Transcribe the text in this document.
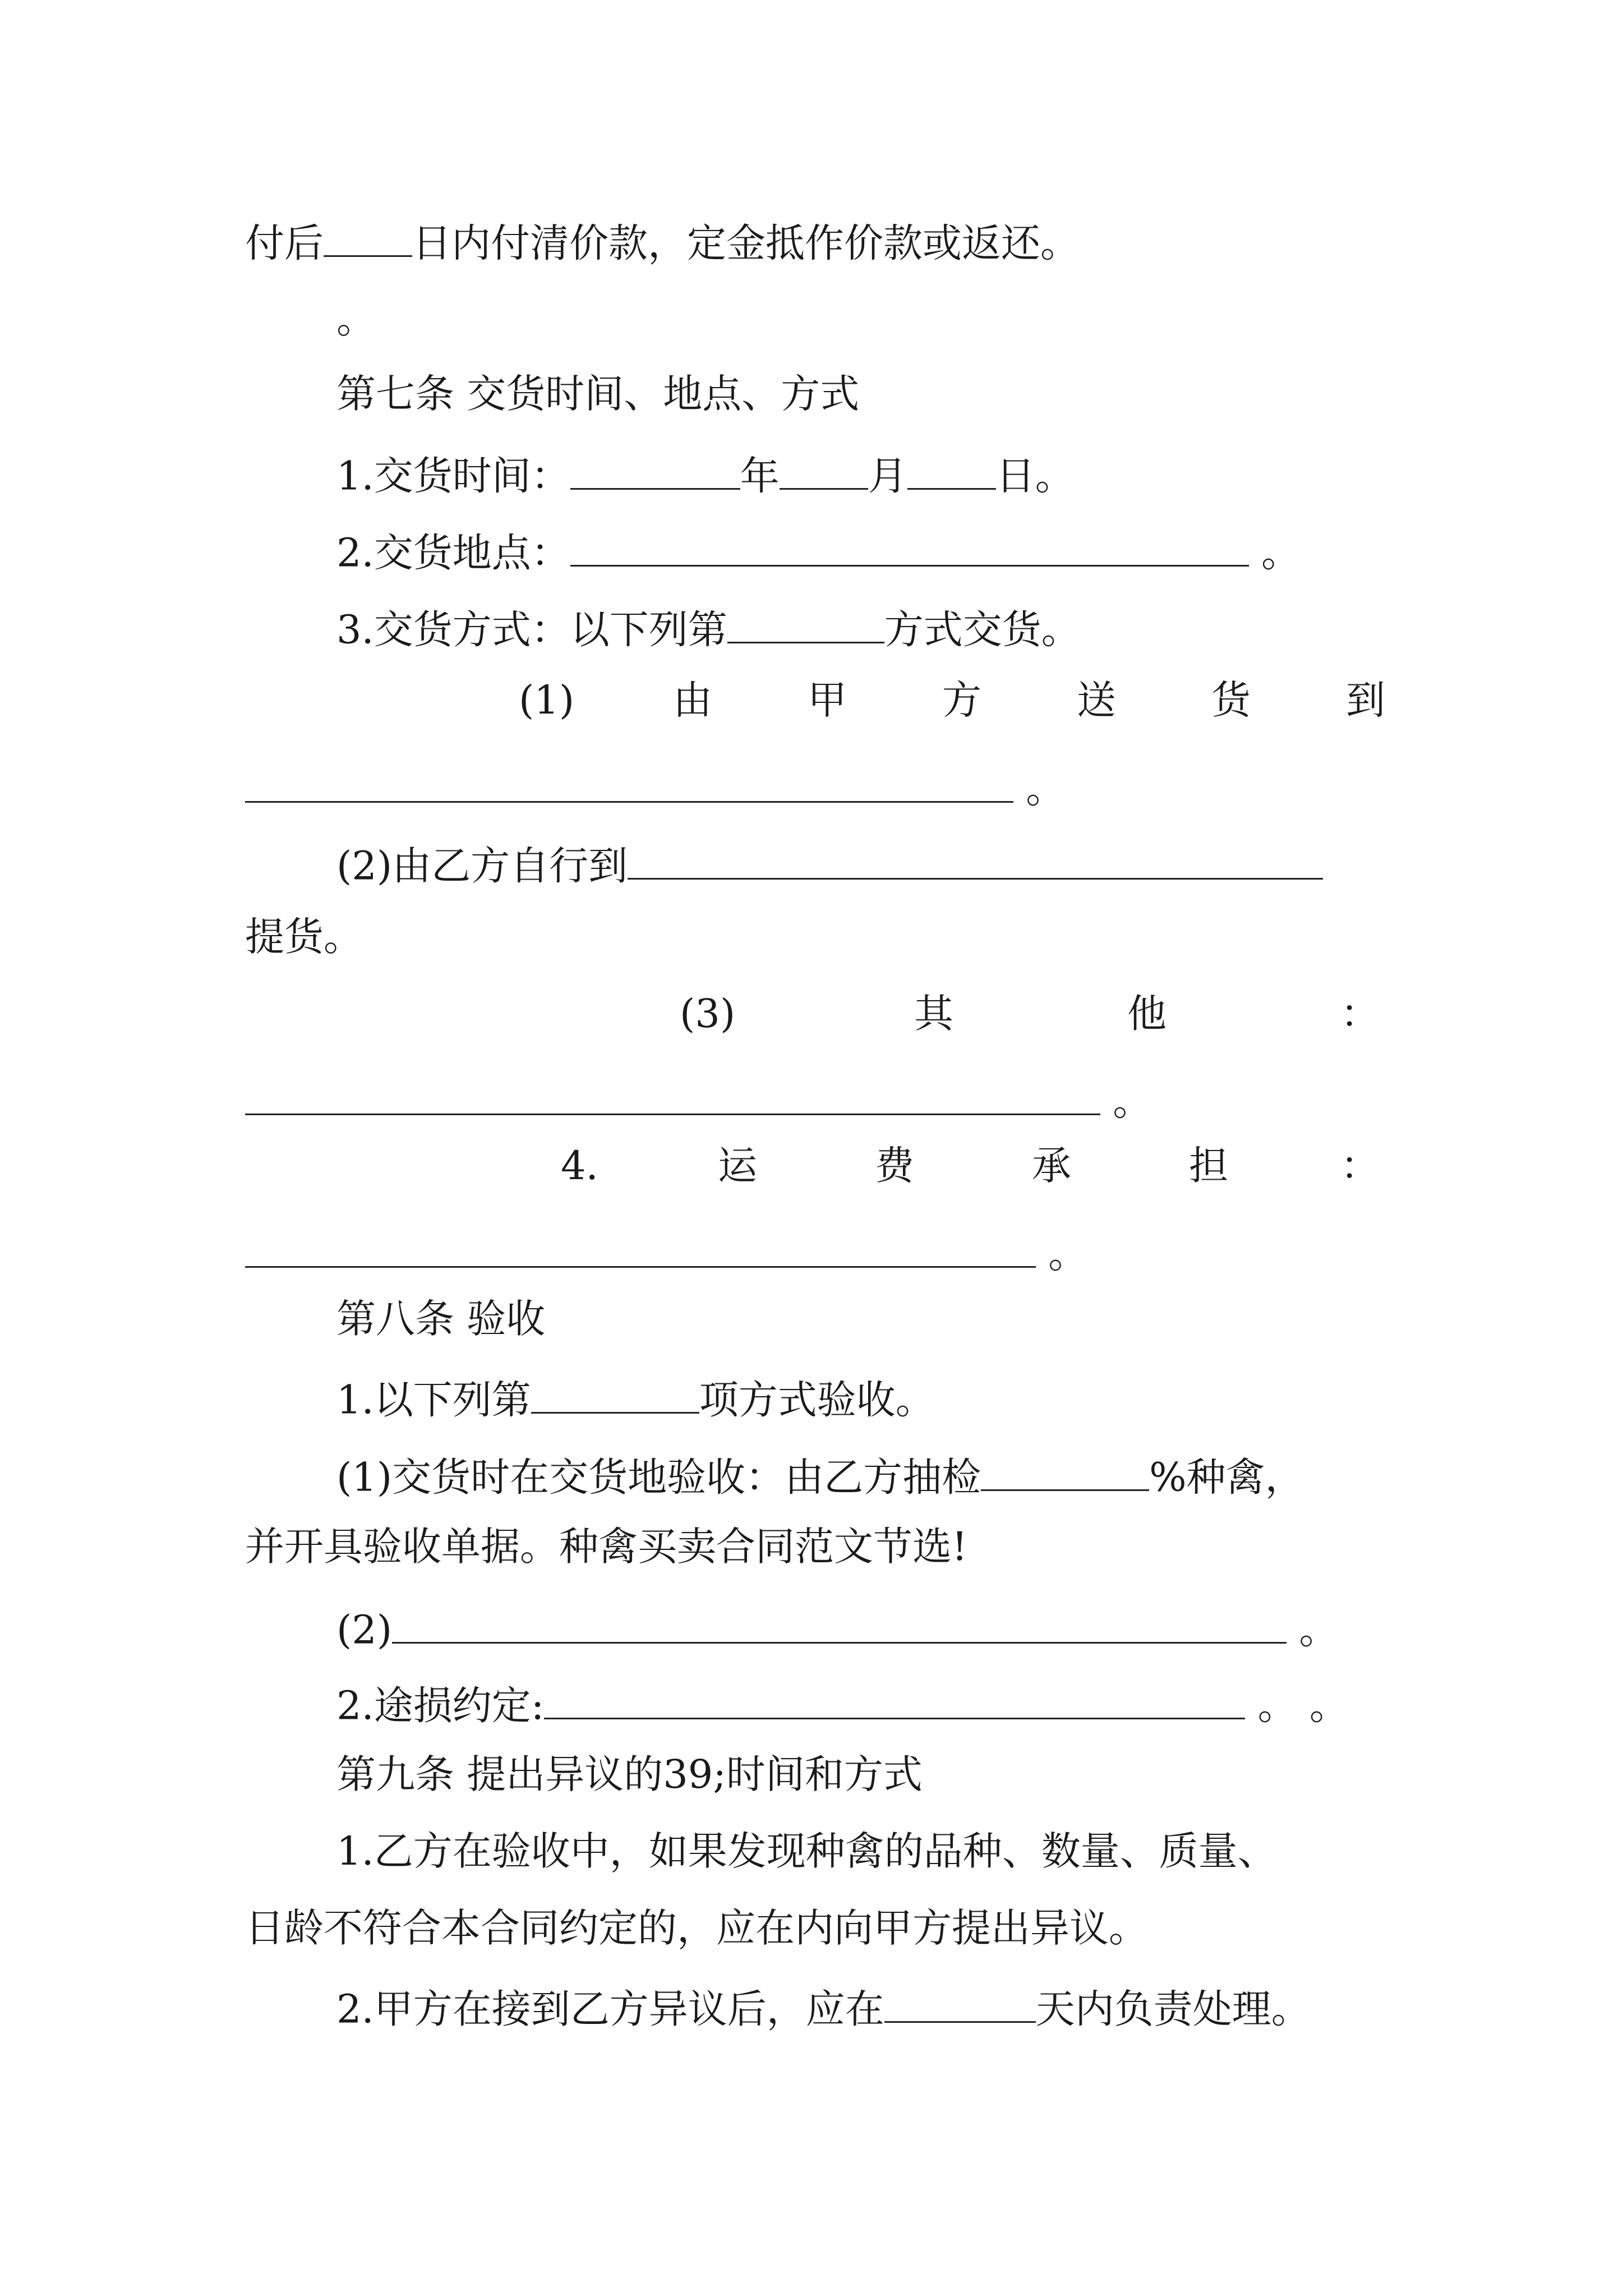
付后 日内付清价款，定金抵作价款或返还。
。
第七条 交货时间、地点、方式
1.交货时间：	年 月 日。
2.交货地点：	。
3.交货方式：以下列第	方式交货。
(1)	由 甲 方 送 货 到
。
(2)由乙方自行到
提货。
(3)	其	他	：
。
4.	运	费	承	担	：
。
第八条 验收
1.以下列第	项方式验收。
(1)交货时在交货地验收：由乙方抽检	%种禽，
并开具验收单据。种禽买卖合同范文节选!
(2)	。
2.途损约定:	。 。
第九条 提出异议的39;时间和方式
1.乙方在验收中，如果发现种禽的品种、数量、质量、
日龄不符合本合同约定的，应在内向甲方提出异议。
2.甲方在接到乙方异议后，应在	天内负责处理。
